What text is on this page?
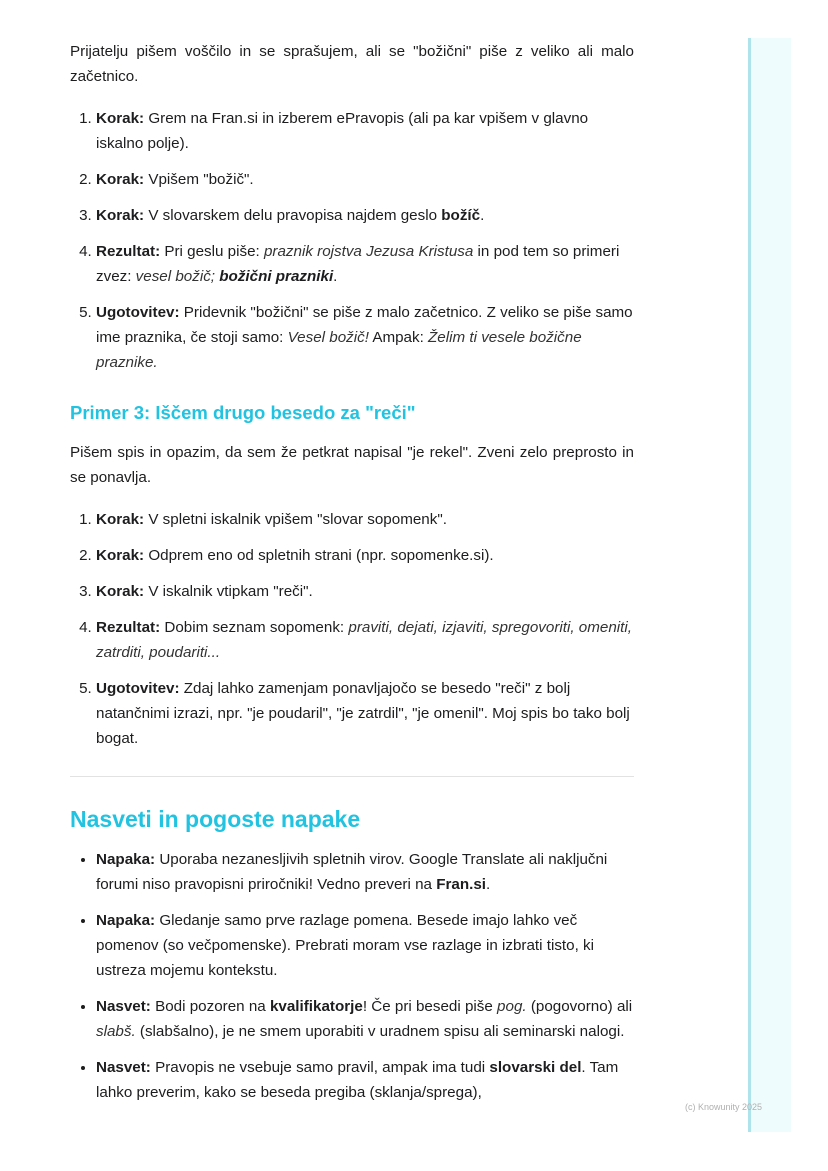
Prijatelju pišem voščilo in se sprašujem, ali se "božični" piše z veliko ali malo začetnico.

1. Korak: Grem na Fran.si in izberem ePravopis (ali pa kar vpišem v glavno iskalno polje).
2. Korak: Vpišem "božič".
3. Korak: V slovarskem delu pravopisa najdem geslo božíč.
4. Rezultat: Pri geslu piše: praznik rojstva Jezusa Kristusa in pod tem so primeri zvez: vesel božič; božični prazniki.
5. Ugotovitev: Pridevnik "božični" se piše z malo začetnico. Z veliko se piše samo ime praznika, če stoji samo: Vesel božič! Ampak: Želim ti vesele božične praznike.
Primer 3: Iščem drugo besedo za "reči"

Pišem spis in opazim, da sem že petkrat napisal "je rekel". Zveni zelo preprosto in se ponavlja.

1. Korak: V spletni iskalnik vpišem "slovar sopomenk".
2. Korak: Odprem eno od spletnih strani (npr. sopomenke.si).
3. Korak: V iskalnik vtipkam "reči".
4. Rezultat: Dobim seznam sopomenk: praviti, dejati, izjaviti, spregovoriti, omeniti, zatrditi, poudariti...
5. Ugotovitev: Zdaj lahko zamenjam ponavljajočo se besedo "reči" z bolj natančnimi izrazi, npr. "je poudaril", "je zatrdil", "je omenil". Moj spis bo tako bolj bogat.
Nasveti in pogoste napake
• Napaka: Uporaba nezanesljivih spletnih virov. Google Translate ali naključni forumi niso pravopisni priročniki! Vedno preveri na Fran.si.
• Napaka: Gledanje samo prve razlage pomena. Besede imajo lahko več pomenov (so večpomenske). Prebrati moram vse razlage in izbrati tisto, ki ustreza mojemu kontekstu.
• Nasvet: Bodi pozoren na kvalifikatorje! Če pri besedi piše pog. (pogovorno) ali slabš. (slabšalno), je ne smem uporabiti v uradnem spisu ali seminarski nalogi.
• Nasvet: Pravopis ne vsebuje samo pravil, ampak ima tudi slovarski del. Tam lahko preverim, kako se beseda pregiba (sklanja/sprega),
(c) Knowunity 2025
